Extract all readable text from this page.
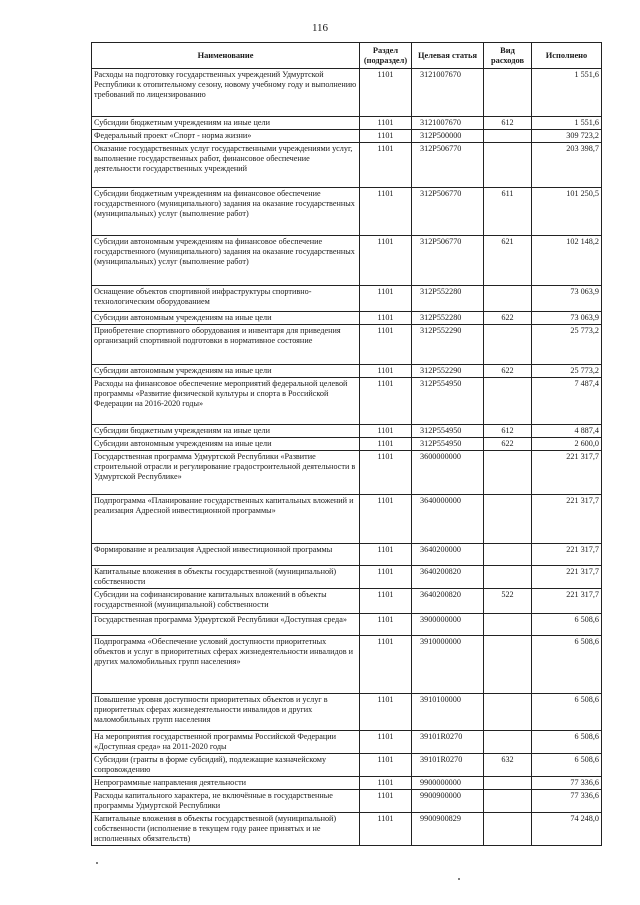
116
Наименование	Раздел (подраздел)	Целевая статья	Вид расходов	Исполнено
Расходы на подготовку государственных учреждений Удмуртской Республики к отопительному сезону, новому учебному году и выполнению требований по лицензированию	1101	3121007670		1 551,6
Субсидии бюджетным учреждениям на иные цели	1101	3121007670	612	1 551,6
Федеральный проект «Спорт - норма жизни»	1101	312P500000		309 723,2
Оказание государственных услуг государственными учреждениями услуг, выполнение государственных работ, финансовое обеспечение деятельности государственных учреждений	1101	312P506770		203 398,7
Субсидии бюджетным учреждениям на финансовое обеспечение государственного (муниципального) задания на оказание государственных (муниципальных) услуг (выполнение работ)	1101	312P506770	611	101 250,5
Субсидии автономным учреждениям на финансовое обеспечение государственного (муниципального) задания на оказание государственных (муниципальных) услуг (выполнение работ)	1101	312P506770	621	102 148,2
Оснащение объектов спортивной инфраструктуры спортивно-технологическим оборудованием	1101	312P552280		73 063,9
Субсидии автономным учреждениям на иные цели	1101	312P552280	622	73 063,9
Приобретение спортивного оборудования и инвентаря для приведения организаций спортивной подготовки в нормативное состояние	1101	312P552290		25 773,2
Субсидии автономным учреждениям на иные цели	1101	312P552290	622	25 773,2
Расходы на финансовое обеспечение мероприятий федеральной целевой программы «Развитие физической культуры и спорта в Российской Федерации на 2016-2020 годы»	1101	312P554950		7 487,4
Субсидии бюджетным учреждениям на иные цели	1101	312P554950	612	4 887,4
Субсидии автономным учреждениям на иные цели	1101	312P554950	622	2 600,0
Государственная программа Удмуртской Республики «Развитие строительной отрасли и регулирование градостроительной деятельности в Удмуртской Республике»	1101	3600000000		221 317,7
Подпрограмма «Планирование государственных капитальных вложений и реализация Адресной инвестиционной программы»	1101	3640000000		221 317,7
Формирование и реализация Адресной инвестиционной программы	1101	3640200000		221 317,7
Капитальные вложения в объекты государственной (муниципальной) собственности	1101	3640200820		221 317,7
Субсидии на софинансирование капитальных вложений в объекты государственной (муниципальной) собственности	1101	3640200820	522	221 317,7
Государственная программа Удмуртской Республики «Доступная среда»	1101	3900000000		6 508,6
Подпрограмма «Обеспечение условий доступности приоритетных объектов и услуг в приоритетных сферах жизнедеятельности инвалидов и других маломобильных групп населения»	1101	3910000000		6 508,6
Повышение уровня доступности приоритетных объектов и услуг в приоритетных сферах жизнедеятельности инвалидов и других маломобильных групп населения	1101	3910100000		6 508,6
На мероприятия государственной программы Российской Федерации «Доступная среда» на 2011-2020 годы	1101	39101R0270		6 508,6
Субсидии (гранты в форме субсидий), подлежащие казначейскому сопровождению	1101	39101R0270	632	6 508,6
Непрограммные направления деятельности	1101	9900000000		77 336,6
Расходы капитального характера, не включённые в государственные программы Удмуртской Республики	1101	9900900000		77 336,6
Капитальные вложения в объекты государственной (муниципальной) собственности (исполнение в текущем году ранее принятых и не исполненных обязательств)	1101	9900900829		74 248,0
